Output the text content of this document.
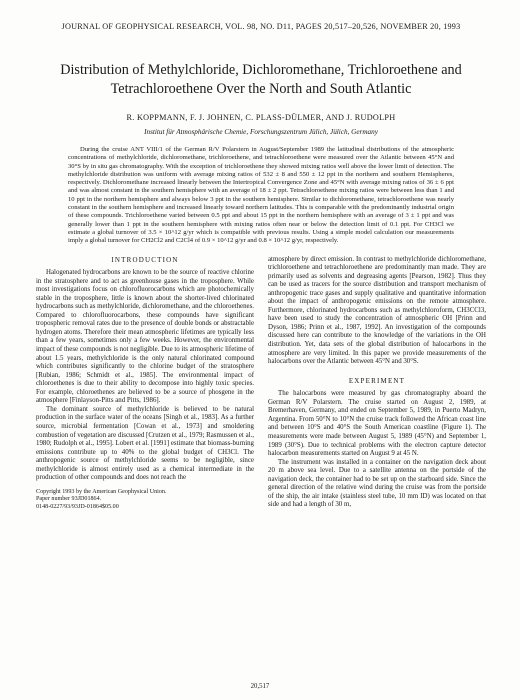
JOURNAL OF GEOPHYSICAL RESEARCH, VOL. 98, NO. D11, PAGES 20,517–20,526, NOVEMBER 20, 1993
Distribution of Methylchloride, Dichloromethane, Trichloroethene and Tetrachloroethene Over the North and South Atlantic
R. KOPPMANN, F. J. JOHNEN, C. PLASS-DÜLMER, AND J. RUDOLPH
Institut für Atmosphärische Chemie, Forschungszentrum Jülich, Jülich, Germany
During the cruise ANT VIII/1 of the German R/V Polarstern in August/September 1989 the latitudinal distributions of the atmospheric concentrations of methylchloride, dichloromethane, trichloroethene, and tetrachloroethene were measured over the Atlantic between 45°N and 30°S by in situ gas chromatography. With the exception of trichloroethene they showed mixing ratios well above the lower limit of detection. The methylchloride distribution was uniform with average mixing ratios of 532 ± 8 and 550 ± 12 ppt in the northern and southern Hemispheres, respectively. Dichloromethane increased linearly between the Intertropical Convergence Zone and 45°N with average mixing ratios of 36 ± 6 ppt and was almost constant in the southern hemisphere with an average of 18 ± 2 ppt. Tetrachloroethene mixing ratios were between less than 1 and 10 ppt in the northern hemisphere and always below 3 ppt in the southern hemisphere. Similar to dichloromethane, tetrachloroethene was nearly constant in the southern hemisphere and increased linearly toward northern latitudes. This is comparable with the predominantly industrial origin of these compounds. Trichloroethene varied between 0.5 ppt and about 15 ppt in the northern hemisphere with an average of 3 ± 1 ppt and was generally lower than 1 ppt in the southern hemisphere with mixing ratios often near or below the detection limit of 0.1 ppt. For CH3Cl we estimate a global turnover of 3.5 × 10^12 g/yr which is compatible with previous results. Using a simple model calculation our measurements imply a global turnover for CH2Cl2 and C2Cl4 of 0.9 × 10^12 g/yr and 0.8 × 10^12 g/yr, respectively.
INTRODUCTION

Halogenated hydrocarbons are known to be the source of reactive chlorine in the stratosphere and to act as greenhouse gases in the troposphere. While most investigations focus on chlorofluorocarbons which are photochemically stable in the troposphere, little is known about the shorter-lived chlorinated hydrocarbons such as methylchloride, dichloromethane, and the chloroethenes. Compared to chlorofluorocarbons, these compounds have significant tropospheric removal rates due to the presence of double bonds or abstractable hydrogen atoms. Therefore their mean atmospheric lifetimes are typically less than a few years, sometimes only a few weeks. However, the environmental impact of these compounds is not negligible. Due to its atmospheric lifetime of about 1.5 years, methylchloride is the only natural chlorinated compound which contributes significantly to the chlorine budget of the stratosphere [Rubian, 1986; Schmidt et al., 1985]. The environmental impact of chloroethenes is due to their ability to decompose into highly toxic species. For example, chloroethenes are believed to be a source of phosgene in the atmosphere [Finlayson-Pitts and Pitts, 1986].

The dominant source of methylchloride is believed to be natural production in the surface water of the oceans [Singh et al., 1983]. As a further source, microbial fermentation [Cowan et al., 1973] and smoldering combustion of vegetation are discussed [Crutzen et al., 1979; Rasmussen et al., 1980; Rudolph et al., 1995]. Lobert et al. [1991] estimate that biomass-burning emissions contribute up to 40% to the global budget of CH3Cl. The anthropogenic source of methylchloride seems to be negligible, since methylchloride is almost entirely used as a chemical intermediate in the production of other compounds and does not reach the

Copyright 1993 by the American Geophysical Union.
Paper number 93JD01864.
0148-0227/93/93JD-01864$05.00

atmosphere by direct emission. In contrast to methylchloride dichloromethane, trichloroethene and tetrachloroethene are predominantly man made. They are primarily used as solvents and degreasing agents [Pearson, 1982]. Thus they can be used as tracers for the source distribution and transport mechanism of anthropogenic trace gases and supply qualitative and quantitative information about the impact of anthropogenic emissions on the remote atmosphere. Furthermore, chlorinated hydrocarbons such as methylchloroform, CH3CCl3, have been used to study the concentration of atmospheric OH [Prinn and Dyson, 1986; Prinn et al., 1987, 1992]. An investigation of the compounds discussed here can contribute to the knowledge of the variations in the OH distribution. Yet, data sets of the global distribution of halocarbons in the atmosphere are very limited. In this paper we provide measurements of the halocarbons over the Atlantic between 45°N and 30°S.

EXPERIMENT

The halocarbons were measured by gas chromatography aboard the German R/V Polarstern. The cruise started on August 2, 1989, at Bremerhaven, Germany, and ended on September 5, 1989, in Puerto Madryn, Argentina. From 50°N to 10°N the cruise track followed the African coast line and between 10°S and 40°S the South American coastline (Figure 1). The measurements were made between August 5, 1989 (45°N) and September 1, 1989 (30°S). Due to technical problems with the electron capture detector halocarbon measurements started on August 9 at 45 N.

The instrument was installed in a container on the navigation deck about 20 m above sea level. Due to a satellite antenna on the portside of the navigation deck, the container had to be set up on the starboard side. Since the general direction of the relative wind during the cruise was from the portside of the ship, the air intake (stainless steel tube, 10 mm ID) was located on that side and had a length of 30 m,

20,517
